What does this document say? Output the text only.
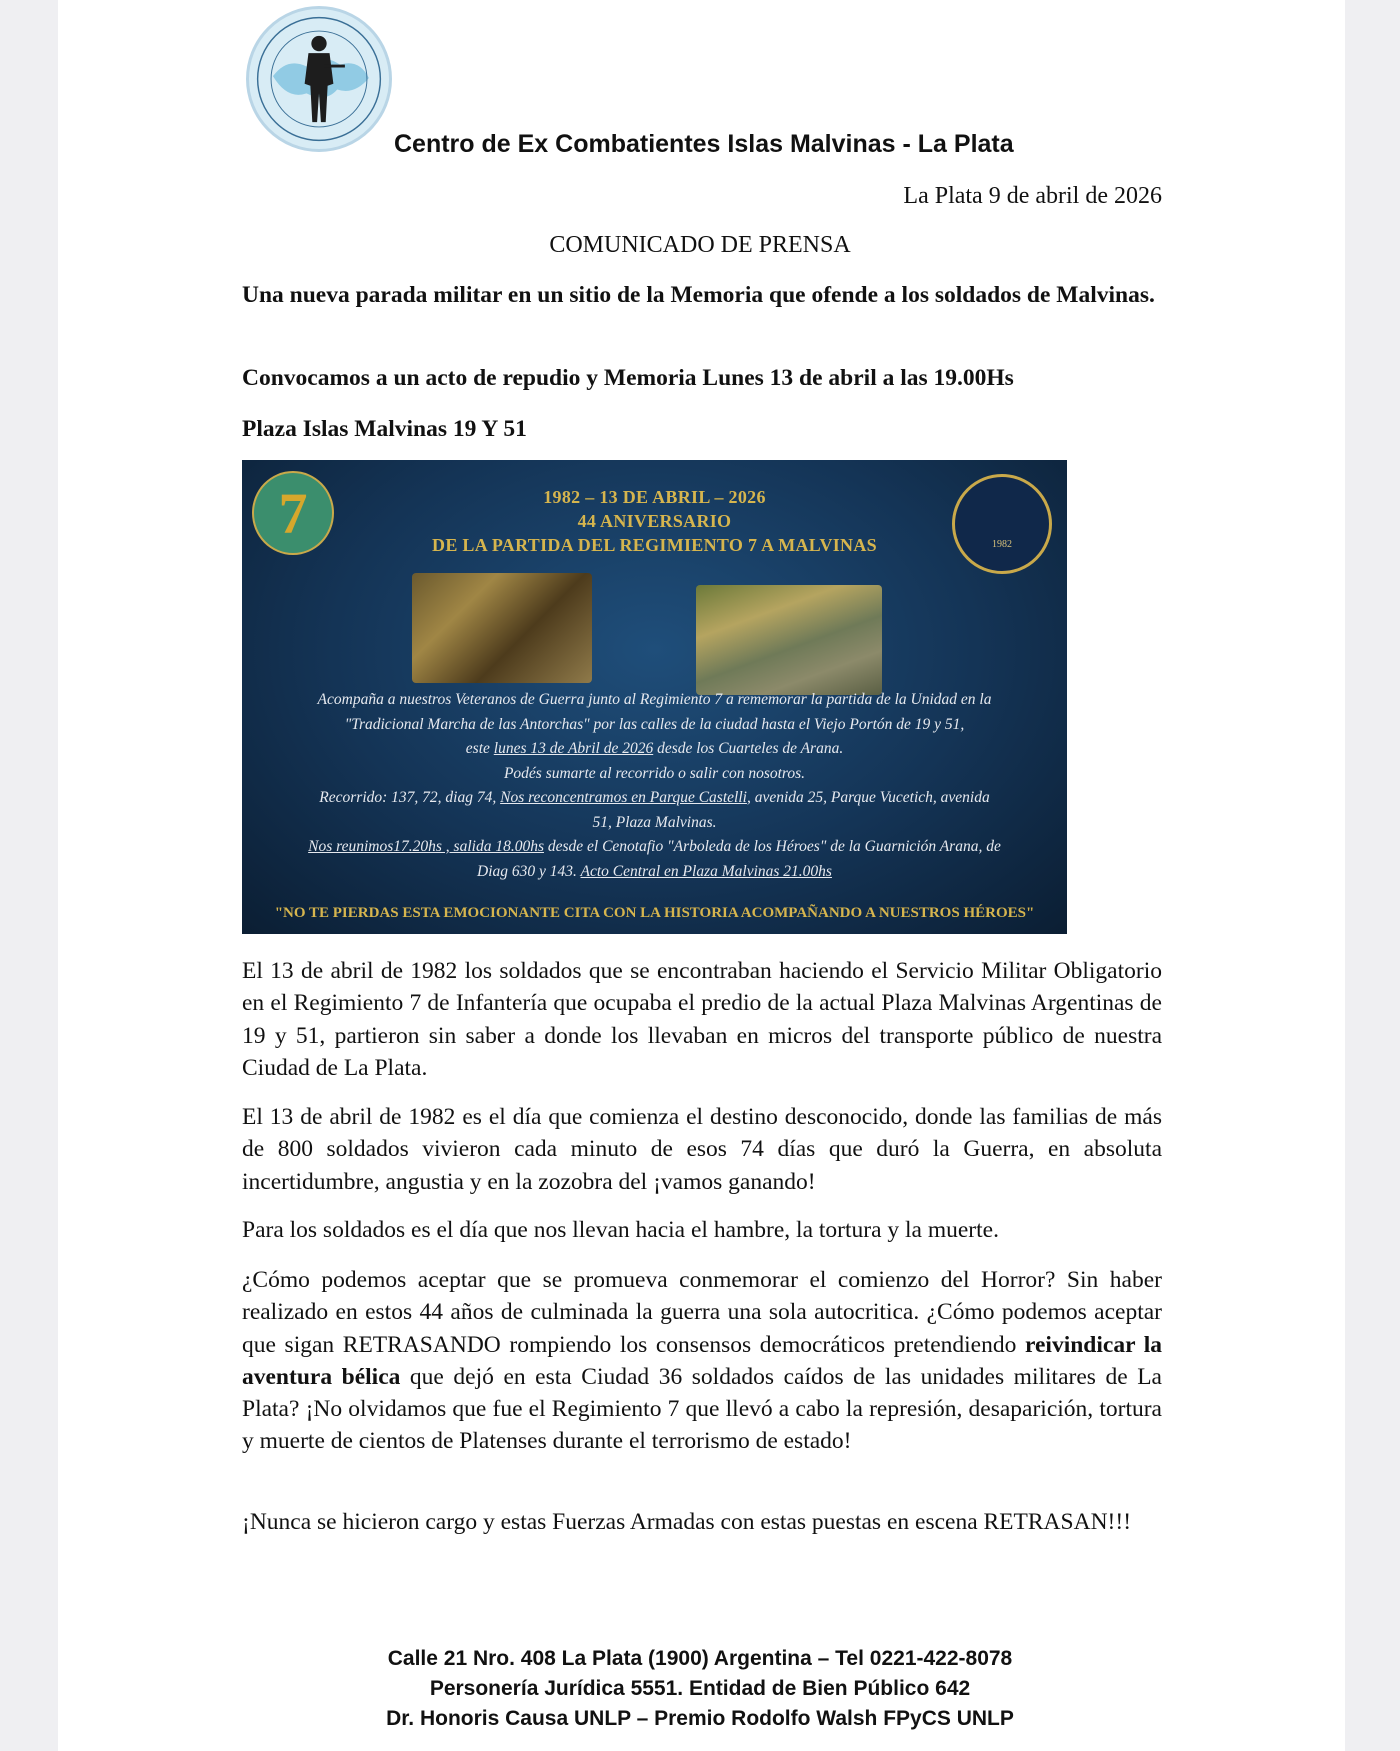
Centro de Ex Combatientes Islas Malvinas - La Plata
La Plata 9 de abril de 2026
COMUNICADO DE PRENSA
Una nueva parada militar en un sitio de la Memoria que ofende a los soldados de Malvinas.
Convocamos a un acto de repudio y Memoria Lunes 13 de abril a las 19.00Hs
Plaza Islas Malvinas 19 Y 51
7	1982
1982 – 13 DE ABRIL – 2026
44 ANIVERSARIO
DE LA PARTIDA DEL REGIMIENTO 7 A MALVINAS
Acompaña a nuestros Veteranos de Guerra junto al Regimiento 7 a rememorar la partida de la Unidad en la
"Tradicional Marcha de las Antorchas" por las calles de la ciudad hasta el Viejo Portón de 19 y 51,
este lunes 13 de Abril de 2026 desde los Cuarteles de Arana.
Podés sumarte al recorrido o salir con nosotros.
Recorrido: 137, 72, diag 74, Nos reconcentramos en Parque Castelli, avenida 25, Parque Vucetich, avenida
51, Plaza Malvinas.
Nos reunimos17.20hs , salida 18.00hs desde el Cenotafio "Arboleda de los Héroes" de la Guarnición Arana, de
Diag 630 y 143. Acto Central en Plaza Malvinas 21.00hs
"NO TE PIERDAS ESTA EMOCIONANTE CITA CON LA HISTORIA ACOMPAÑANDO A NUESTROS HÉROES"
El 13 de abril de 1982 los soldados que se encontraban haciendo el Servicio Militar Obligatorio en el Regimiento 7 de Infantería que ocupaba el predio de la actual Plaza Malvinas Argentinas de 19 y 51, partieron sin saber a donde los llevaban en micros del transporte público de nuestra Ciudad de La Plata.
El 13 de abril de 1982 es el día que comienza el destino desconocido, donde las familias de más de 800 soldados vivieron cada minuto de esos 74 días que duró la Guerra, en absoluta incertidumbre, angustia y en la zozobra del ¡vamos ganando!
Para los soldados es el día que nos llevan hacia el hambre, la tortura y la muerte.
¿Cómo podemos aceptar que se promueva conmemorar el comienzo del Horror? Sin haber realizado en estos 44 años de culminada la guerra una sola autocritica. ¿Cómo podemos aceptar que sigan RETRASANDO rompiendo los consensos democráticos pretendiendo reivindicar la aventura bélica que dejó en esta Ciudad 36 soldados caídos de las unidades militares de La Plata? ¡No olvidamos que fue el Regimiento 7 que llevó a cabo la represión, desaparición, tortura y muerte de cientos de Platenses durante el terrorismo de estado!
¡Nunca se hicieron cargo y estas Fuerzas Armadas con estas puestas en escena RETRASAN!!!
Calle 21 Nro. 408 La Plata (1900) Argentina – Tel 0221-422-8078
Personería Jurídica 5551. Entidad de Bien Público 642
Dr. Honoris Causa UNLP – Premio Rodolfo Walsh FPyCS UNLP
